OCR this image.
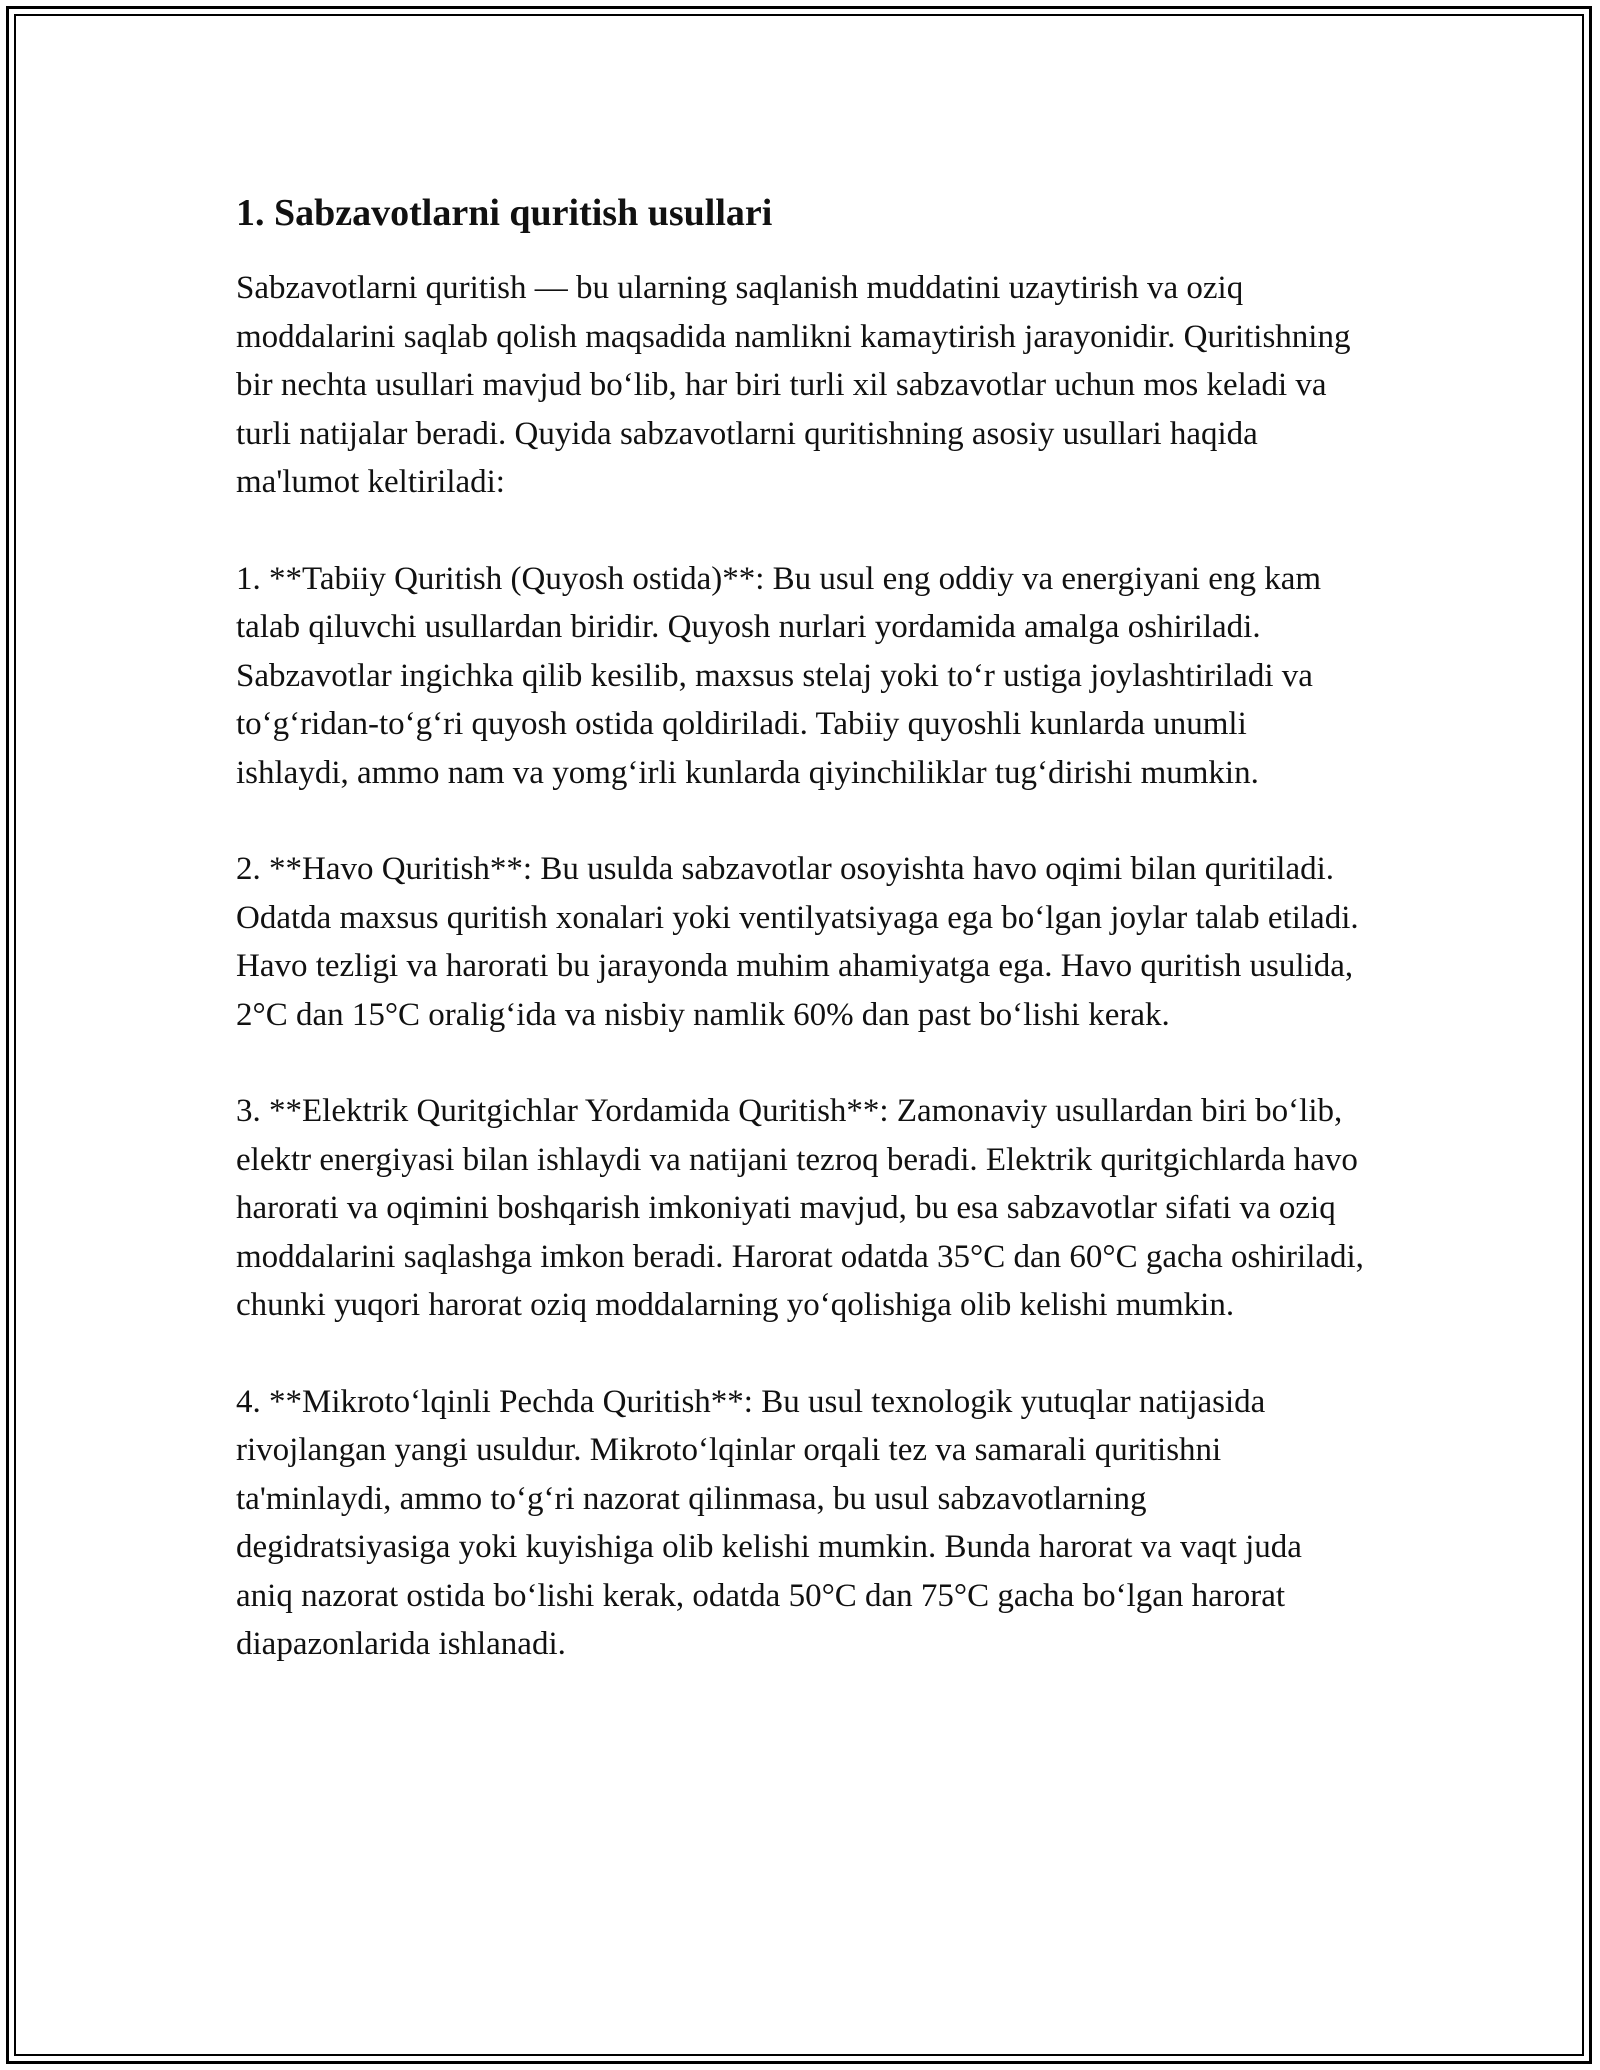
1. Sabzavotlarni quritish usullari

Sabzavotlarni quritish — bu ularning saqlanish muddatini uzaytirish va oziq moddalarini saqlab qolish maqsadida namlikni kamaytirish jarayonidir. Quritishning bir nechta usullari mavjud bo‘lib, har biri turli xil sabzavotlar uchun mos keladi va turli natijalar beradi. Quyida sabzavotlarni quritishning asosiy usullari haqida ma'lumot keltiriladi:

1. **Tabiiy Quritish (Quyosh ostida)**: Bu usul eng oddiy va energiyani eng kam talab qiluvchi usullardan biridir. Quyosh nurlari yordamida amalga oshiriladi. Sabzavotlar ingichka qilib kesilib, maxsus stelaj yoki to‘r ustiga joylashtiriladi va to‘g‘ridan-to‘g‘ri quyosh ostida qoldiriladi. Tabiiy quyoshli kunlarda unumli ishlaydi, ammo nam va yomg‘irli kunlarda qiyinchiliklar tug‘dirishi mumkin.

2. **Havo Quritish**: Bu usulda sabzavotlar osoyishta havo oqimi bilan quritiladi. Odatda maxsus quritish xonalari yoki ventilyatsiyaga ega bo‘lgan joylar talab etiladi. Havo tezligi va harorati bu jarayonda muhim ahamiyatga ega. Havo quritish usulida, 2°C dan 15°C oralig‘ida va nisbiy namlik 60% dan past bo‘lishi kerak.

3. **Elektrik Quritgichlar Yordamida Quritish**: Zamonaviy usullardan biri bo‘lib, elektr energiyasi bilan ishlaydi va natijani tezroq beradi. Elektrik quritgichlarda havo harorati va oqimini boshqarish imkoniyati mavjud, bu esa sabzavotlar sifati va oziq moddalarini saqlashga imkon beradi. Harorat odatda 35°C dan 60°C gacha oshiriladi, chunki yuqori harorat oziq moddalarning yo‘qolishiga olib kelishi mumkin.

4. **Mikroto‘lqinli Pechda Quritish**: Bu usul texnologik yutuqlar natijasida rivojlangan yangi usuldur. Mikroto‘lqinlar orqali tez va samarali quritishni ta'minlaydi, ammo to‘g‘ri nazorat qilinmasa, bu usul sabzavotlarning degidratsiyasiga yoki kuyishiga olib kelishi mumkin. Bunda harorat va vaqt juda aniq nazorat ostida bo‘lishi kerak, odatda 50°C dan 75°C gacha bo‘lgan harorat diapazonlarida ishlanadi.
